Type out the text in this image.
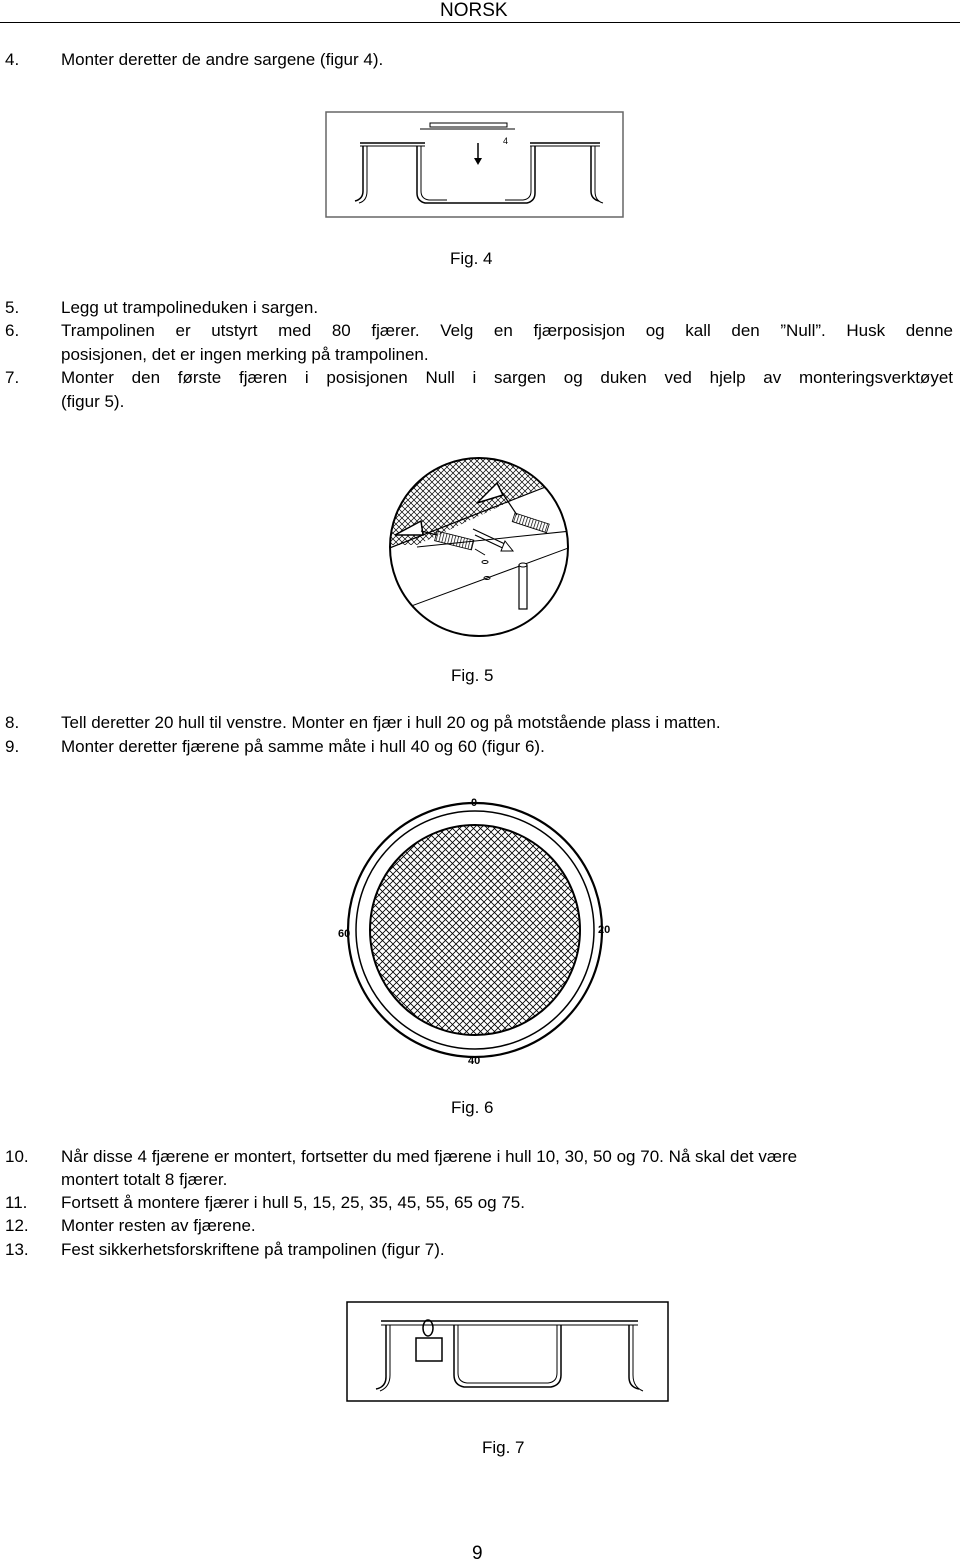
NORSK
4. Monter deretter de andre sargene (figur 4).
4
Fig. 4
5. Legg ut trampolineduken i sargen.
6. Trampolinen er utstyrt med 80 fjærer. Velg en fjærposisjon og kall den ”Null”. Husk denne
posisjonen, det er ingen merking på trampolinen.
7. Monter den første fjæren i posisjonen Null i sargen og duken ved hjelp av monteringsverktøyet
(figur 5).
Fig. 5
8. Tell deretter 20 hull til venstre. Monter en fjær i hull 20 og på motstående plass i matten.
9. Monter deretter fjærene på samme måte i hull 40 og 60 (figur 6).
0
20
40
60
Fig. 6
10. Når disse 4 fjærene er montert, fortsetter du med fjærene i hull 10, 30, 50 og 70. Nå skal det være
montert totalt 8 fjærer.
11. Fortsett å montere fjærer i hull 5, 15, 25, 35, 45, 55, 65 og 75.
12. Monter resten av fjærene.
13. Fest sikkerhetsforskriftene på trampolinen (figur 7).
Fig. 7
9
